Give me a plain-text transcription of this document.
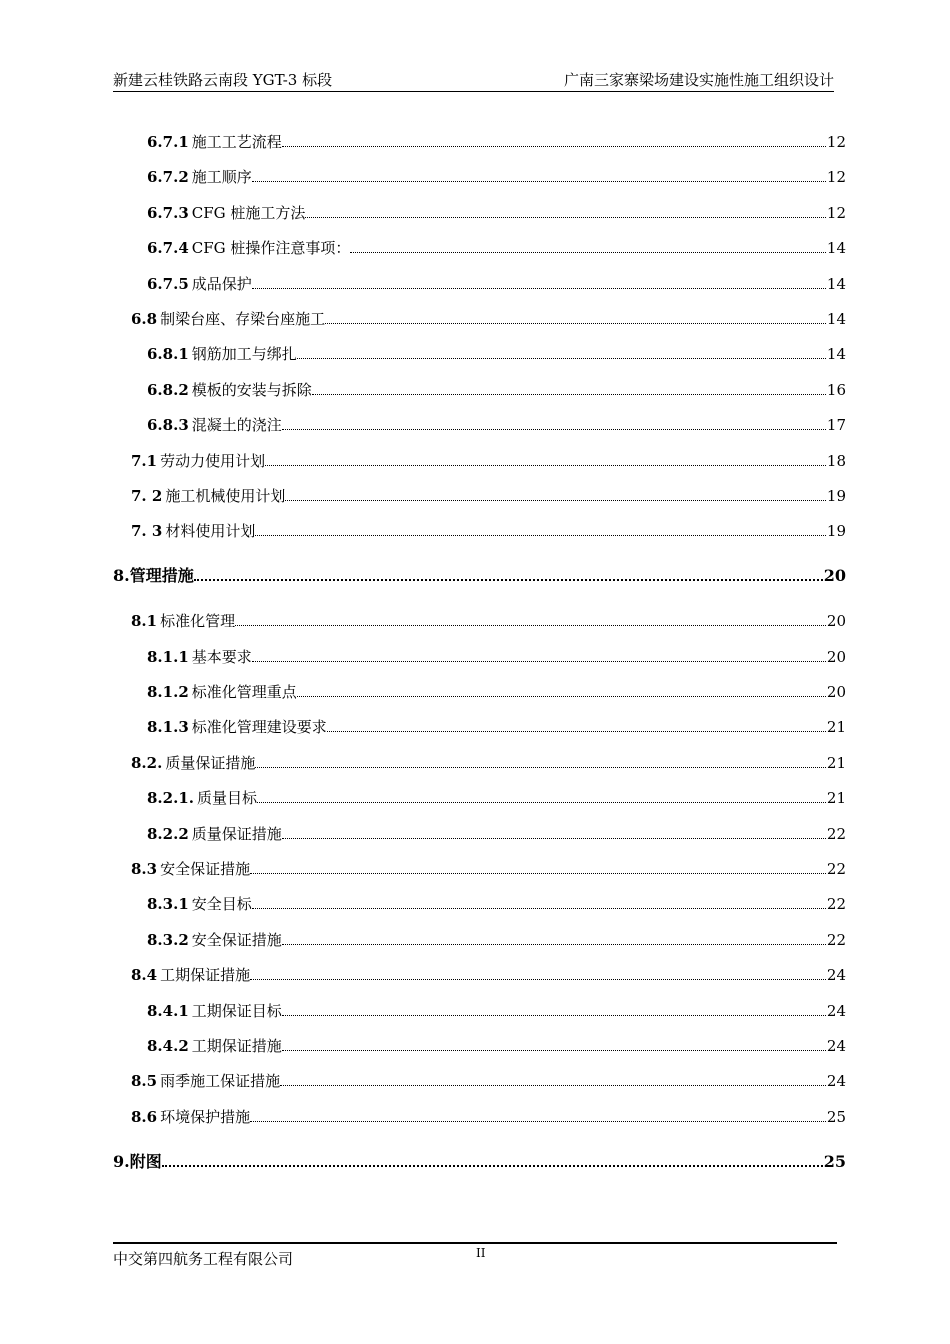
新建云桂铁路云南段 YGT-3 标段	广南三家寨梁场建设实施性施工组织设计
6.7.1 施工工艺流程	12
6.7.2 施工顺序	12
6.7.3 CFG 桩施工方法	12
6.7.4 CFG 桩操作注意事项：	14
6.7.5 成品保护	14
6.8 制梁台座、存梁台座施工	14
6.8.1 钢筋加工与绑扎	14
6.8.2 模板的安装与拆除	16
6.8.3 混凝土的浇注	17
7.1 劳动力使用计划	18
7. 2 施工机械使用计划	19
7. 3 材料使用计划	19
8. 管理措施	20
8.1 标准化管理	20
8.1.1 基本要求	20
8.1.2 标准化管理重点	20
8.1.3 标准化管理建设要求	21
8.2. 质量保证措施	21
8.2.1. 质量目标	21
8.2.2 质量保证措施	22
8.3 安全保证措施	22
8.3.1 安全目标	22
8.3.2 安全保证措施	22
8.4 工期保证措施	24
8.4.1 工期保证目标	24
8.4.2 工期保证措施	24
8.5 雨季施工保证措施	24
8.6 环境保护措施	25
9. 附图	25
中交第四航务工程有限公司	II
